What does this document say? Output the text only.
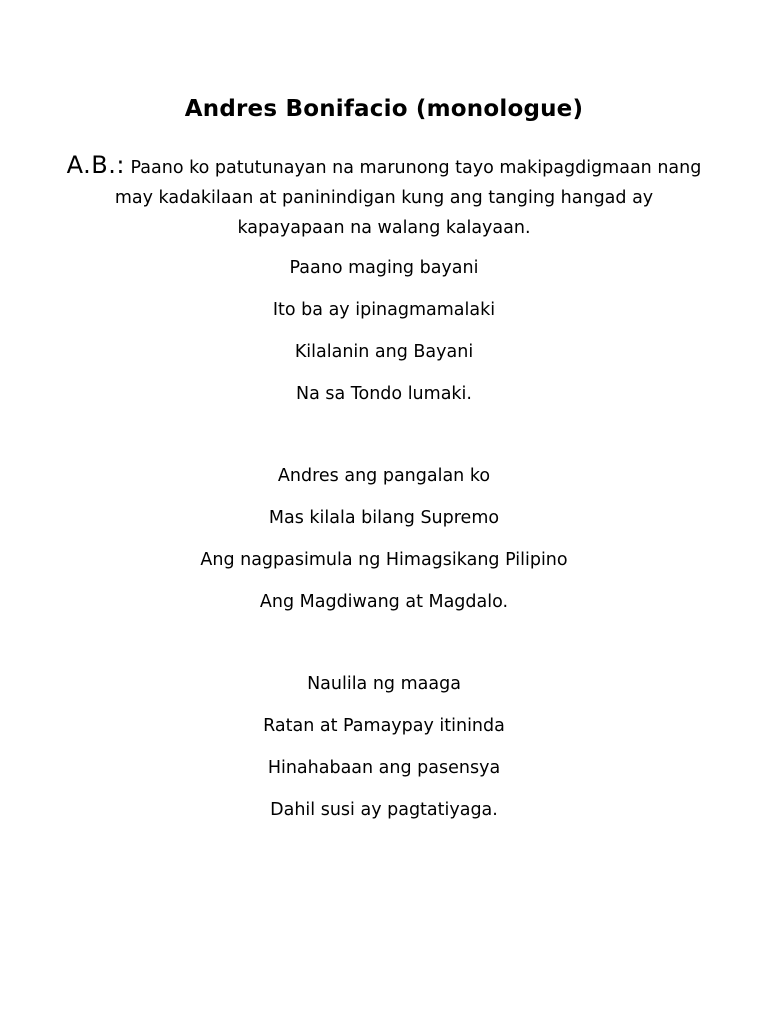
Andres Bonifacio (monologue)

A.B.: Paano ko patutunayan na marunong tayo makipagdigmaan nang may kadakilaan at paninindigan kung ang tanging hangad ay kapayapaan na walang kalayaan.

Paano maging bayani
Ito ba ay ipinagmamalaki
Kilalanin ang Bayani
Na sa Tondo lumaki.
Andres ang pangalan ko
Mas kilala bilang Supremo
Ang nagpasimula ng Himagsikang Pilipino
Ang Magdiwang at Magdalo.
Naulila ng maaga
Ratan at Pamaypay itininda
Hinahabaan ang pasensya
Dahil susi ay pagtatiyaga.
